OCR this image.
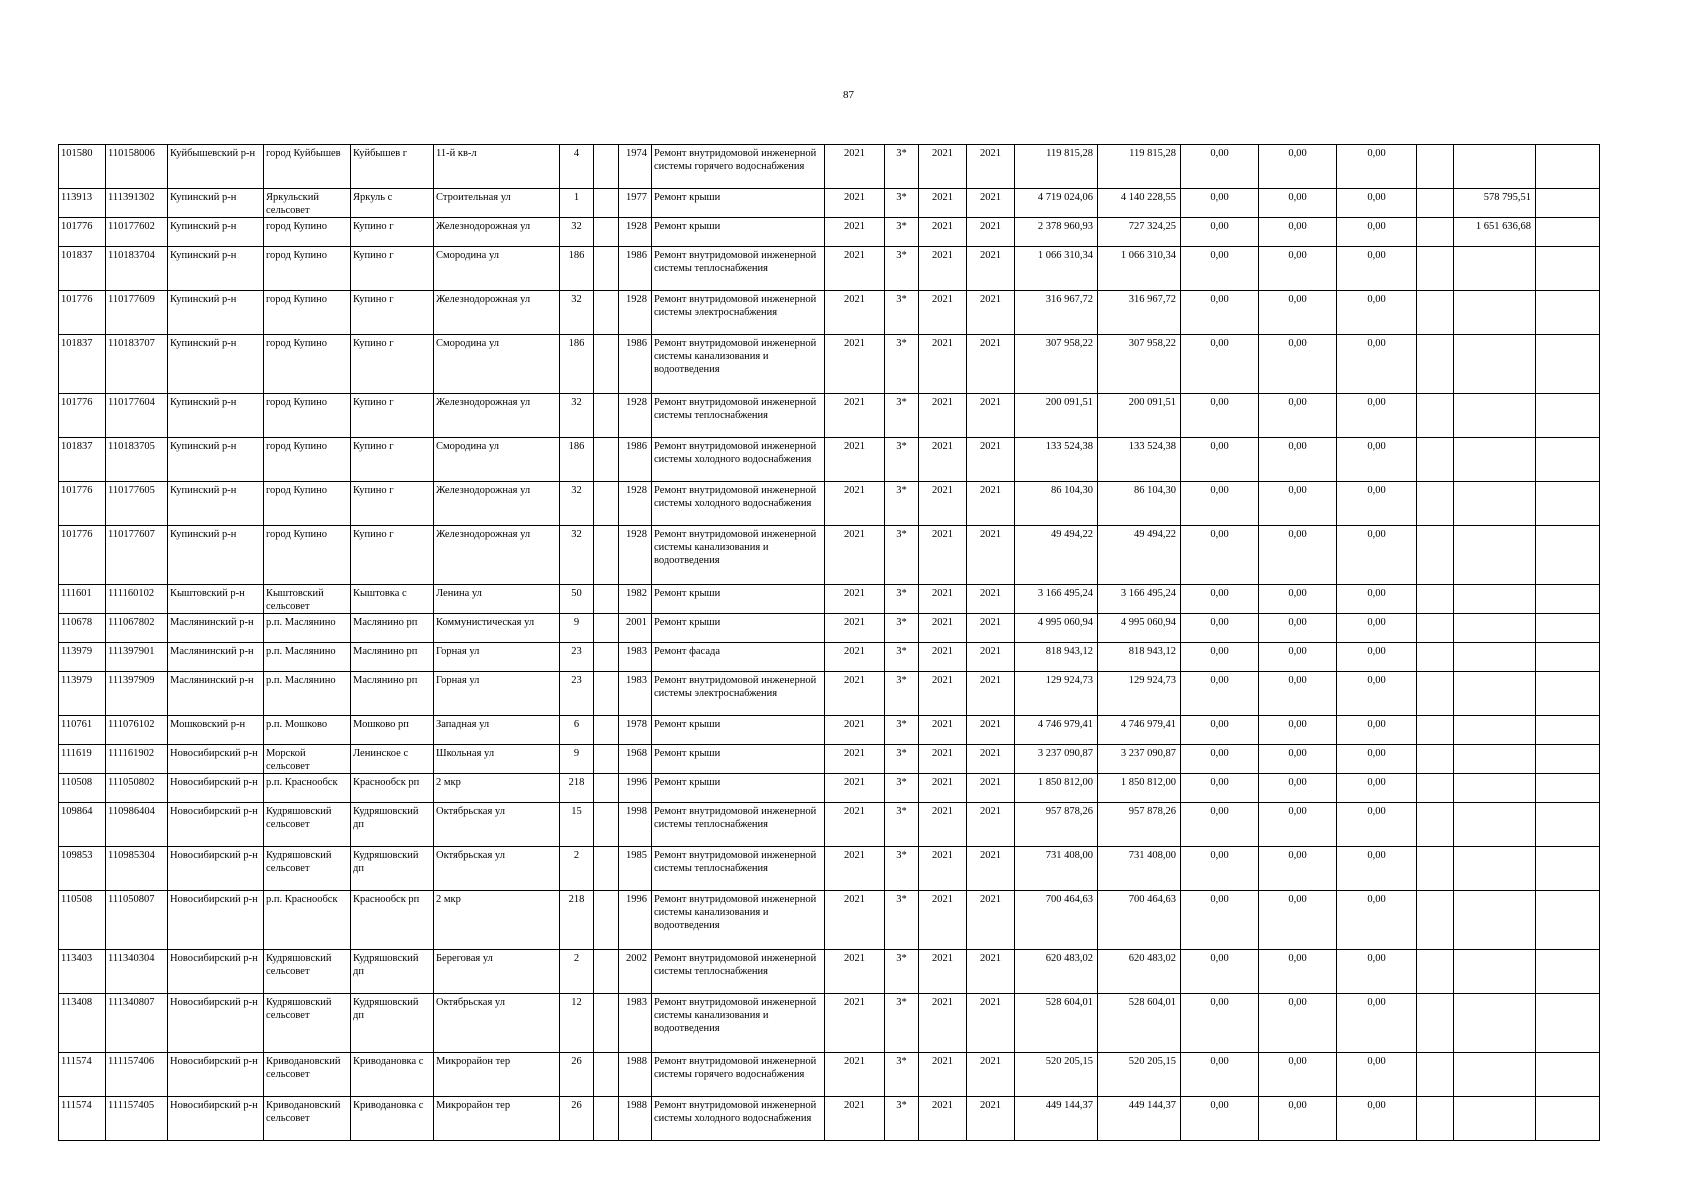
87
101580	110158006	Куйбышевский р-н	город Куйбышев	Куйбышев г	11-й кв-л	4		1974	Ремонт внутридомовой инженерной системы горячего водоснабжения	2021	3*	2021	2021	119 815,28	119 815,28	0,00	0,00	0,00			
113913	111391302	Купинский р-н	Яркульский сельсовет	Яркуль с	Строительная ул	1		1977	Ремонт крыши	2021	3*	2021	2021	4 719 024,06	4 140 228,55	0,00	0,00	0,00		578 795,51	
101776	110177602	Купинский р-н	город Купино	Купино г	Железнодорожная ул	32		1928	Ремонт крыши	2021	3*	2021	2021	2 378 960,93	727 324,25	0,00	0,00	0,00		1 651 636,68	
101837	110183704	Купинский р-н	город Купино	Купино г	Смородина ул	186		1986	Ремонт внутридомовой инженерной системы теплоснабжения	2021	3*	2021	2021	1 066 310,34	1 066 310,34	0,00	0,00	0,00			
101776	110177609	Купинский р-н	город Купино	Купино г	Железнодорожная ул	32		1928	Ремонт внутридомовой инженерной системы электроснабжения	2021	3*	2021	2021	316 967,72	316 967,72	0,00	0,00	0,00			
101837	110183707	Купинский р-н	город Купино	Купино г	Смородина ул	186		1986	Ремонт внутридомовой инженерной системы канализования и водоотведения	2021	3*	2021	2021	307 958,22	307 958,22	0,00	0,00	0,00			
101776	110177604	Купинский р-н	город Купино	Купино г	Железнодорожная ул	32		1928	Ремонт внутридомовой инженерной системы теплоснабжения	2021	3*	2021	2021	200 091,51	200 091,51	0,00	0,00	0,00			
101837	110183705	Купинский р-н	город Купино	Купино г	Смородина ул	186		1986	Ремонт внутридомовой инженерной системы холодного водоснабжения	2021	3*	2021	2021	133 524,38	133 524,38	0,00	0,00	0,00			
101776	110177605	Купинский р-н	город Купино	Купино г	Железнодорожная ул	32		1928	Ремонт внутридомовой инженерной системы холодного водоснабжения	2021	3*	2021	2021	86 104,30	86 104,30	0,00	0,00	0,00			
101776	110177607	Купинский р-н	город Купино	Купино г	Железнодорожная ул	32		1928	Ремонт внутридомовой инженерной системы канализования и водоотведения	2021	3*	2021	2021	49 494,22	49 494,22	0,00	0,00	0,00			
111601	111160102	Кыштовский р-н	Кыштовский сельсовет	Кыштовка с	Ленина ул	50		1982	Ремонт крыши	2021	3*	2021	2021	3 166 495,24	3 166 495,24	0,00	0,00	0,00			
110678	111067802	Маслянинский р-н	р.п. Маслянино	Маслянино рп	Коммунистическая ул	9		2001	Ремонт крыши	2021	3*	2021	2021	4 995 060,94	4 995 060,94	0,00	0,00	0,00			
113979	111397901	Маслянинский р-н	р.п. Маслянино	Маслянино рп	Горная ул	23		1983	Ремонт фасада	2021	3*	2021	2021	818 943,12	818 943,12	0,00	0,00	0,00			
113979	111397909	Маслянинский р-н	р.п. Маслянино	Маслянино рп	Горная ул	23		1983	Ремонт внутридомовой инженерной системы электроснабжения	2021	3*	2021	2021	129 924,73	129 924,73	0,00	0,00	0,00			
110761	111076102	Мошковский р-н	р.п. Мошково	Мошково рп	Западная ул	6		1978	Ремонт крыши	2021	3*	2021	2021	4 746 979,41	4 746 979,41	0,00	0,00	0,00			
111619	111161902	Новосибирский р-н	Морской сельсовет	Ленинское с	Школьная ул	9		1968	Ремонт крыши	2021	3*	2021	2021	3 237 090,87	3 237 090,87	0,00	0,00	0,00			
110508	111050802	Новосибирский р-н	р.п. Краснообск	Краснообск рп	2 мкр	218		1996	Ремонт крыши	2021	3*	2021	2021	1 850 812,00	1 850 812,00	0,00	0,00	0,00			
109864	110986404	Новосибирский р-н	Кудряшовский сельсовет	Кудряшовский дп	Октябрьская ул	15		1998	Ремонт внутридомовой инженерной системы теплоснабжения	2021	3*	2021	2021	957 878,26	957 878,26	0,00	0,00	0,00			
109853	110985304	Новосибирский р-н	Кудряшовский сельсовет	Кудряшовский дп	Октябрьская ул	2		1985	Ремонт внутридомовой инженерной системы теплоснабжения	2021	3*	2021	2021	731 408,00	731 408,00	0,00	0,00	0,00			
110508	111050807	Новосибирский р-н	р.п. Краснообск	Краснообск рп	2 мкр	218		1996	Ремонт внутридомовой инженерной системы канализования и водоотведения	2021	3*	2021	2021	700 464,63	700 464,63	0,00	0,00	0,00			
113403	111340304	Новосибирский р-н	Кудряшовский сельсовет	Кудряшовский дп	Береговая ул	2		2002	Ремонт внутридомовой инженерной системы теплоснабжения	2021	3*	2021	2021	620 483,02	620 483,02	0,00	0,00	0,00			
113408	111340807	Новосибирский р-н	Кудряшовский сельсовет	Кудряшовский дп	Октябрьская ул	12		1983	Ремонт внутридомовой инженерной системы канализования и водоотведения	2021	3*	2021	2021	528 604,01	528 604,01	0,00	0,00	0,00			
111574	111157406	Новосибирский р-н	Криводановский сельсовет	Криводановка с	Микрорайон тер	26		1988	Ремонт внутридомовой инженерной системы горячего водоснабжения	2021	3*	2021	2021	520 205,15	520 205,15	0,00	0,00	0,00			
111574	111157405	Новосибирский р-н	Криводановский сельсовет	Криводановка с	Микрорайон тер	26		1988	Ремонт внутридомовой инженерной системы холодного водоснабжения	2021	3*	2021	2021	449 144,37	449 144,37	0,00	0,00	0,00			
